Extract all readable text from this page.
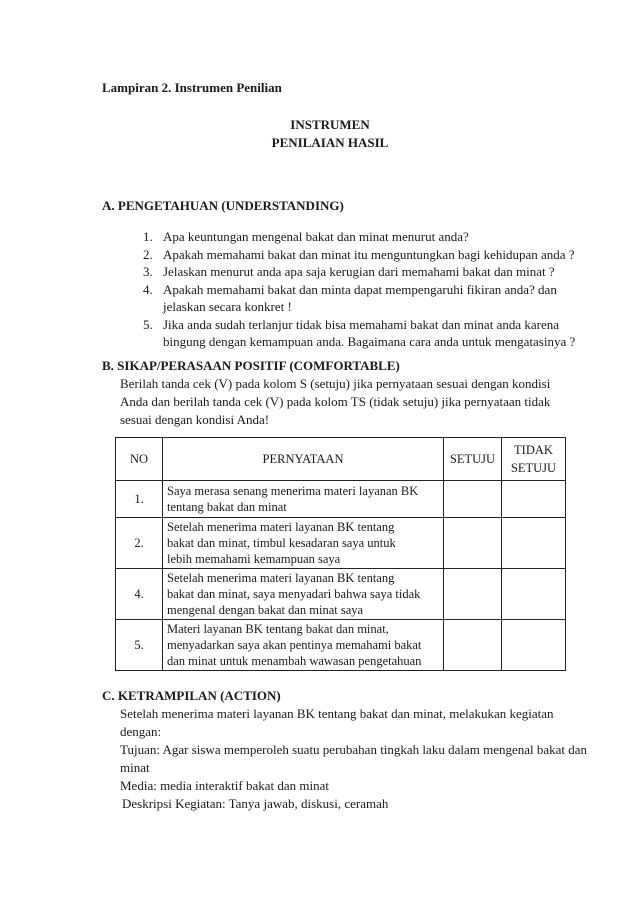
Lampiran 2. Instrumen Penilian
INSTRUMEN
PENILAIAN HASIL
A. PENGETAHUAN (UNDERSTANDING)
1. Apa keuntungan mengenal bakat dan minat menurut anda?
2. Apakah memahami bakat dan minat itu menguntungkan bagi kehidupan anda ?
3. Jelaskan menurut anda apa saja kerugian dari memahami bakat dan minat ?
4. Apakah memahami bakat dan minta dapat mempengaruhi fikiran anda? dan
jelaskan secara konkret !
5. Jika anda sudah terlanjur tidak bisa memahami bakat dan minat anda karena
bingung dengan kemampuan anda. Bagaimana cara anda untuk mengatasinya ?
B. SIKAP/PERASAAN POSITIF (COMFORTABLE)
Berilah tanda cek (V) pada kolom S (setuju) jika pernyataan sesuai dengan kondisi
Anda dan berilah tanda cek (V) pada kolom TS (tidak setuju) jika pernyataan tidak
sesuai dengan kondisi Anda!
NO	PERNYATAAN	SETUJU	TIDAK
SETUJU

1.	Saya merasa senang menerima materi layanan BK
tentang bakat dan minat		

2.	Setelah menerima materi layanan BK tentang
bakat dan minat, timbul kesadaran saya untuk
lebih memahami kemampuan saya		

4.	Setelah menerima materi layanan BK tentang
bakat dan minat, saya menyadari bahwa saya tidak
mengenal dengan bakat dan minat saya		

5.	Materi layanan BK tentang bakat dan minat,
menyadarkan saya akan pentinya memahami bakat
dan minat untuk menambah wawasan pengetahuan		

C. KETRAMPILAN (ACTION)
Setelah menerima materi layanan BK tentang bakat dan minat, melakukan kegiatan
dengan:
Tujuan: Agar siswa memperoleh suatu perubahan tingkah laku dalam mengenal bakat dan
minat
Media: media interaktif bakat dan minat
Deskripsi Kegiatan: Tanya jawab, diskusi, ceramah
